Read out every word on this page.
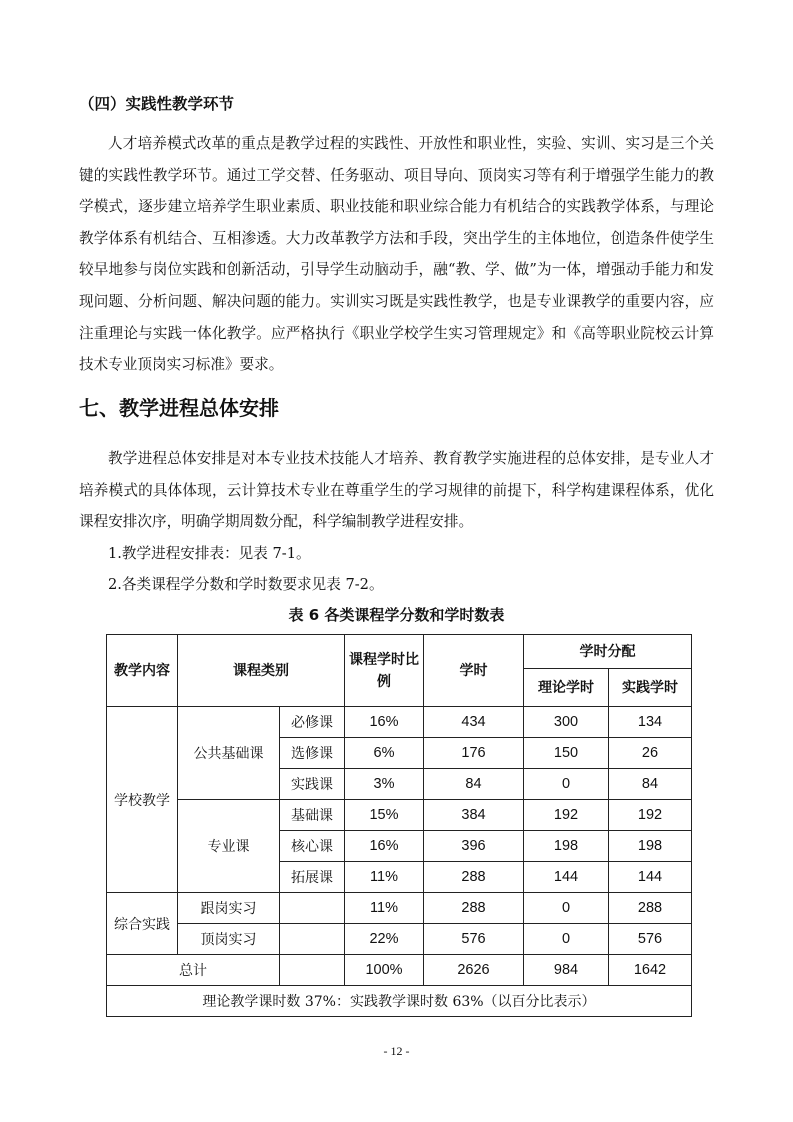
（四）实践性教学环节
人才培养模式改革的重点是教学过程的实践性、开放性和职业性，实验、实训、实习是三个关键的实践性教学环节。通过工学交替、任务驱动、项目导向、顶岗实习等有利于增强学生能力的教学模式，逐步建立培养学生职业素质、职业技能和职业综合能力有机结合的实践教学体系，与理论教学体系有机结合、互相渗透。大力改革教学方法和手段，突出学生的主体地位，创造条件使学生较早地参与岗位实践和创新活动，引导学生动脑动手，融“教、学、做”为一体，增强动手能力和发现问题、分析问题、解决问题的能力。实训实习既是实践性教学，也是专业课教学的重要内容，应注重理论与实践一体化教学。应严格执行《职业学校学生实习管理规定》和《高等职业院校云计算技术专业顶岗实习标准》要求。
七、教学进程总体安排
教学进程总体安排是对本专业技术技能人才培养、教育教学实施进程的总体安排，是专业人才培养模式的具体体现，云计算技术专业在尊重学生的学习规律的前提下，科学构建课程体系，优化课程安排次序，明确学期周数分配，科学编制教学进程安排。
1.教学进程安排表：见表 7-1。
2.各类课程学分数和学时数要求见表 7-2。
表 6 各类课程学分数和学时数表
教学内容	课程类别		课程学时比例	学时	学时分配	
					理论学时	实践学时
学校教学	公共基础课	必修课	16%	434	300	134
		选修课	6%	176	150	26
		实践课	3%	84	0	84
	专业课	基础课	15%	384	192	192
		核心课	16%	396	198	198
		拓展课	11%	288	144	144
综合实践	跟岗实习		11%	288	0	288
	顶岗实习		22%	576	0	576
总计			100%	2626	984	1642
理论教学课时数 37%：实践教学课时数 63%（以百分比表示）						
- 12 -
